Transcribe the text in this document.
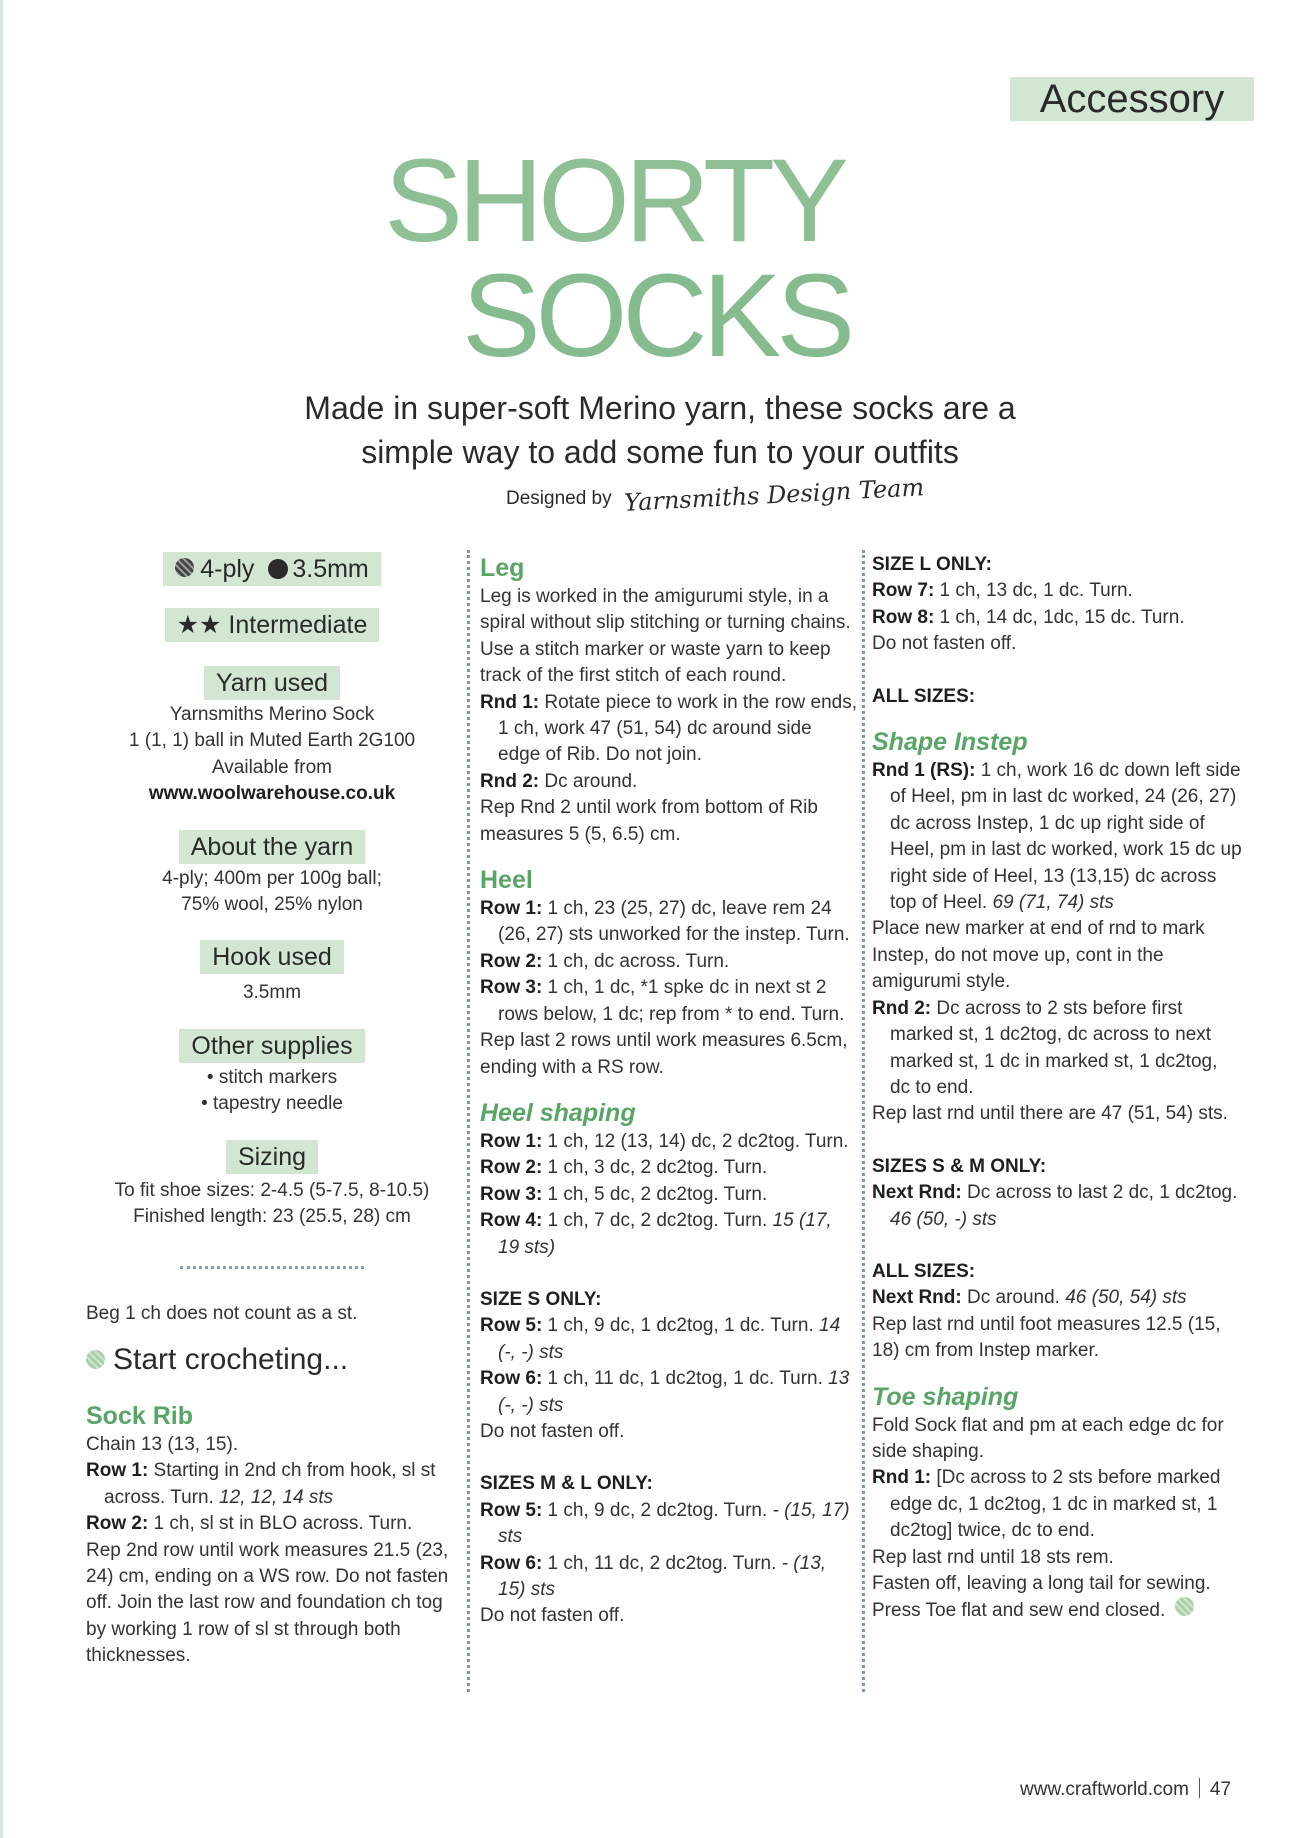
Accessory
SHORTY
SOCKS
Made in super-soft Merino yarn, these socks are a
simple way to add some fun to your outfits
Designed by Yarnsmiths Design Team
4-ply 3.5mm
★★ Intermediate
Yarn used

Yarnsmiths Merino Sock

1 (1, 1) ball in Muted Earth 2G100

Available from

www.woolwarehouse.co.uk

About the yarn

4-ply; 400m per 100g ball;

75% wool, 25% nylon

Hook used

3.5mm

Other supplies

• stitch markers

• tapestry needle

Sizing

To fit shoe sizes: 2-4.5 (5-7.5, 8-10.5)

Finished length: 23 (25.5, 28) cm

Beg 1 ch does not count as a st.

Start crocheting...

Sock Rib

Chain 13 (13, 15).

Row 1: Starting in 2nd ch from hook, sl st across. Turn. 12, 12, 14 sts

Row 2: 1 ch, sl st in BLO across. Turn.

Rep 2nd row until work measures 21.5 (23, 24) cm, ending on a WS row. Do not fasten off. Join the last row and foundation ch tog by working 1 row of sl st through both thicknesses.

Leg

Leg is worked in the amigurumi style, in a spiral without slip stitching or turning chains. Use a stitch marker or waste yarn to keep track of the first stitch of each round.

Rnd 1: Rotate piece to work in the row ends, 1 ch, work 47 (51, 54) dc around side edge of Rib. Do not join.

Rnd 2: Dc around.

Rep Rnd 2 until work from bottom of Rib measures 5 (5, 6.5) cm.

Heel

Row 1: 1 ch, 23 (25, 27) dc, leave rem 24 (26, 27) sts unworked for the instep. Turn.

Row 2: 1 ch, dc across. Turn.

Row 3: 1 ch, 1 dc, *1 spke dc in next st 2 rows below, 1 dc; rep from * to end. Turn.

Rep last 2 rows until work measures 6.5cm, ending with a RS row.

Heel shaping

Row 1: 1 ch, 12 (13, 14) dc, 2 dc2tog. Turn.

Row 2: 1 ch, 3 dc, 2 dc2tog. Turn.

Row 3: 1 ch, 5 dc, 2 dc2tog. Turn.

Row 4: 1 ch, 7 dc, 2 dc2tog. Turn. 15 (17, 19 sts)

SIZE S ONLY:

Row 5: 1 ch, 9 dc, 1 dc2tog, 1 dc. Turn. 14 (-, -) sts

Row 6: 1 ch, 11 dc, 1 dc2tog, 1 dc. Turn. 13 (-, -) sts

Do not fasten off.

SIZES M & L ONLY:

Row 5: 1 ch, 9 dc, 2 dc2tog. Turn. - (15, 17) sts

Row 6: 1 ch, 11 dc, 2 dc2tog. Turn. - (13, 15) sts

Do not fasten off.

SIZE L ONLY:

Row 7: 1 ch, 13 dc, 1 dc. Turn.

Row 8: 1 ch, 14 dc, 1dc, 15 dc. Turn.

Do not fasten off.

ALL SIZES:

Shape Instep

Rnd 1 (RS): 1 ch, work 16 dc down left side of Heel, pm in last dc worked, 24 (26, 27) dc across Instep, 1 dc up right side of Heel, pm in last dc worked, work 15 dc up right side of Heel, 13 (13,15) dc across top of Heel. 69 (71, 74) sts

Place new marker at end of rnd to mark Instep, do not move up, cont in the amigurumi style.

Rnd 2: Dc across to 2 sts before first marked st, 1 dc2tog, dc across to next marked st, 1 dc in marked st, 1 dc2tog, dc to end.

Rep last rnd until there are 47 (51, 54) sts.

SIZES S & M ONLY:

Next Rnd: Dc across to last 2 dc, 1 dc2tog. 46 (50, -) sts

ALL SIZES:

Next Rnd: Dc around. 46 (50, 54) sts

Rep last rnd until foot measures 12.5 (15, 18) cm from Instep marker.

Toe shaping

Fold Sock flat and pm at each edge dc for side shaping.

Rnd 1: [Dc across to 2 sts before marked edge dc, 1 dc2tog, 1 dc in marked st, 1 dc2tog] twice, dc to end.

Rep last rnd until 18 sts rem.

Fasten off, leaving a long tail for sewing.

Press Toe flat and sew end closed.

www.craftworld.com 47
